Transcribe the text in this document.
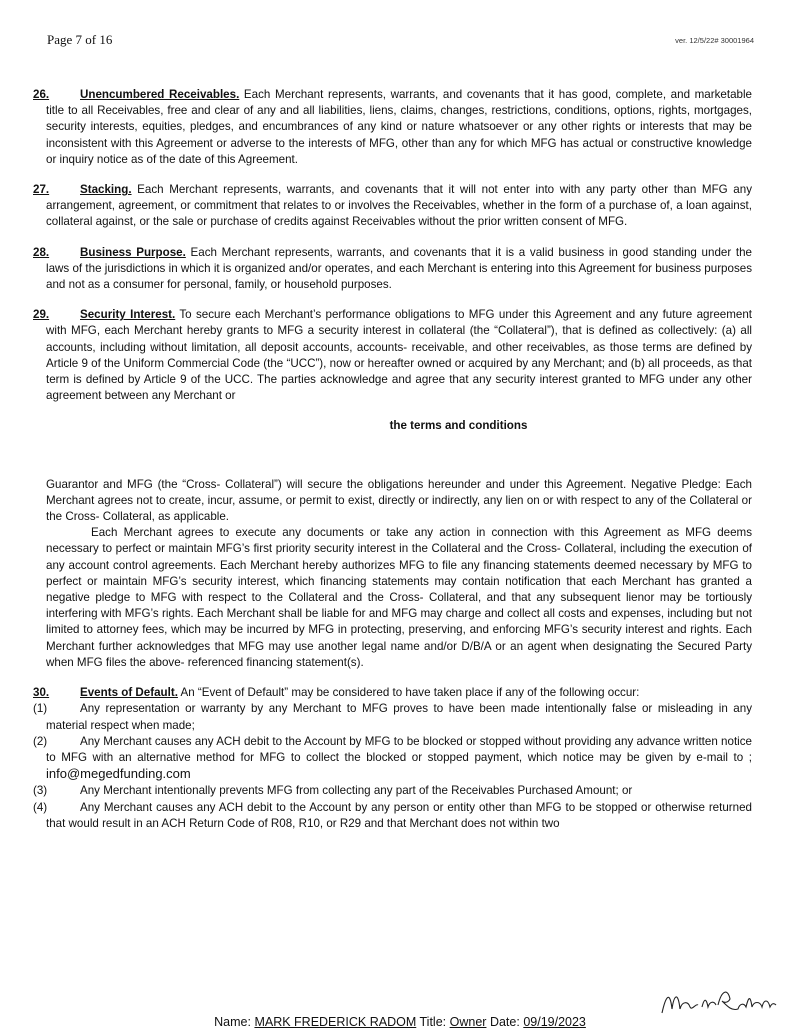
Page 7 of 16	ver. 12/5/22# 30001964

26.	Unencumbered Receivables. Each Merchant represents, warrants, and covenants that it has good, complete, and marketable title to all Receivables, free and clear of any and all liabilities, liens, claims, changes, restrictions, conditions, options, rights, mortgages, security interests, equities, pledges, and encumbrances of any kind or nature whatsoever or any other rights or interests that may be inconsistent with this Agreement or adverse to the interests of MFG, other than any for which MFG has actual or constructive knowledge or inquiry notice as of the date of this Agreement.

27.	Stacking. Each Merchant represents, warrants, and covenants that it will not enter into with any party other than MFG any arrangement, agreement, or commitment that relates to or involves the Receivables, whether in the form of a purchase of, a loan against, collateral against, or the sale or purchase of credits against Receivables without the prior written consent of MFG.

28.	Business Purpose. Each Merchant represents, warrants, and covenants that it is a valid business in good standing under the laws of the jurisdictions in which it is organized and/or operates, and each Merchant is entering into this Agreement for business purposes and not as a consumer for personal, family, or household purposes.

29.	Security Interest. To secure each Merchant’s performance obligations to MFG under this Agreement and any future agreement with MFG, each Merchant hereby grants to MFG a security interest in collateral (the “Collateral”), that is defined as collectively: (a) all accounts, including without limitation, all deposit accounts, accounts- receivable, and other receivables, as those terms are defined by Article 9 of the Uniform Commercial Code (the “UCC”), now or hereafter owned or acquired by any Merchant; and (b) all proceeds, as that term is defined by Article 9 of the UCC. The parties acknowledge and agree that any security interest granted to MFG under any other agreement between any Merchant or

the terms and conditions

Guarantor and MFG (the “Cross- Collateral”) will secure the obligations hereunder and under this Agreement. Negative Pledge: Each Merchant agrees not to create, incur, assume, or permit to exist, directly or indirectly, any lien on or with respect to any of the Collateral or the Cross- Collateral, as applicable.

Each Merchant agrees to execute any documents or take any action in connection with this Agreement as MFG deems necessary to perfect or maintain MFG’s first priority security interest in the Collateral and the Cross- Collateral, including the execution of any account control agreements. Each Merchant hereby authorizes MFG to file any financing statements deemed necessary by MFG to perfect or maintain MFG’s security interest, which financing statements may contain notification that each Merchant has granted a negative pledge to MFG with respect to the Collateral and the Cross- Collateral, and that any subsequent lienor may be tortiously interfering with MFG’s rights. Each Merchant shall be liable for and MFG may charge and collect all costs and expenses, including but not limited to attorney fees, which may be incurred by MFG in protecting, preserving, and enforcing MFG’s security interest and rights. Each Merchant further acknowledges that MFG may use another legal name and/or D/B/A or an agent when designating the Secured Party when MFG files the above- referenced financing statement(s).

30.	Events of Default. An “Event of Default” may be considered to have taken place if any of the following occur:

(1)	Any representation or warranty by any Merchant to MFG proves to have been made intentionally false or misleading in any material respect when made;

(2)	Any Merchant causes any ACH debit to the Account by MFG to be blocked or stopped without providing any advance written notice to MFG with an alternative method for MFG to collect the blocked or stopped payment, which notice may be given by e-mail to ; info@megedfunding.com

(3)	Any Merchant intentionally prevents MFG from collecting any part of the Receivables Purchased Amount; or

(4)	Any Merchant causes any ACH debit to the Account by any person or entity other than MFG to be stopped or otherwise returned that would result in an ACH Return Code of R08, R10, or R29 and that Merchant does not within two

Name: MARK FREDERICK RADOM Title: Owner Date: 09/19/2023
